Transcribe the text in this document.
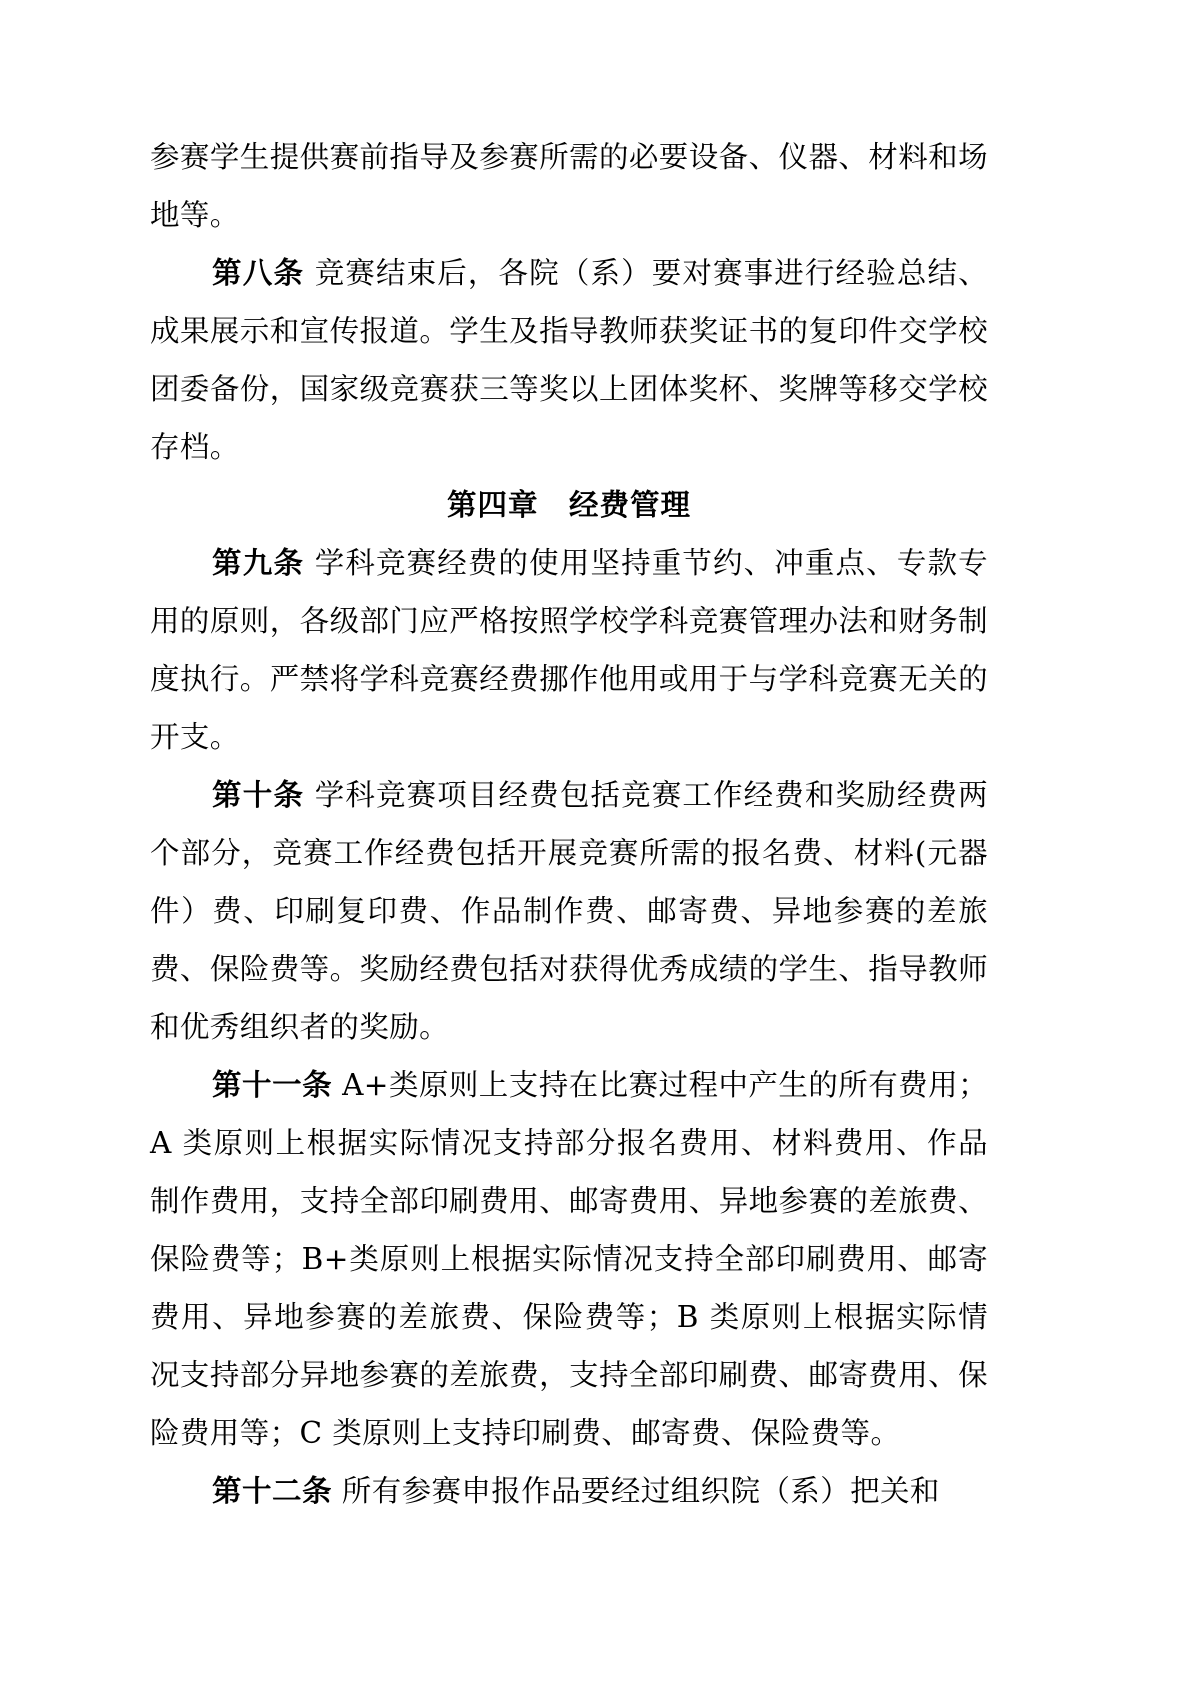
参赛学生提供赛前指导及参赛所需的必要设备、仪器、材料和场地等。

第八条 竞赛结束后，各院（系）要对赛事进行经验总结、成果展示和宣传报道。学生及指导教师获奖证书的复印件交学校团委备份，国家级竞赛获三等奖以上团体奖杯、奖牌等移交学校存档。

第四章　经费管理

第九条 学科竞赛经费的使用坚持重节约、冲重点、专款专用的原则，各级部门应严格按照学校学科竞赛管理办法和财务制度执行。严禁将学科竞赛经费挪作他用或用于与学科竞赛无关的开支。

第十条 学科竞赛项目经费包括竞赛工作经费和奖励经费两个部分，竞赛工作经费包括开展竞赛所需的报名费、材料(元器件）费、印刷复印费、作品制作费、邮寄费、异地参赛的差旅费、保险费等。奖励经费包括对获得优秀成绩的学生、指导教师和优秀组织者的奖励。

第十一条 A+类原则上支持在比赛过程中产生的所有费用；A 类原则上根据实际情况支持部分报名费用、材料费用、作品制作费用，支持全部印刷费用、邮寄费用、异地参赛的差旅费、保险费等；B+类原则上根据实际情况支持全部印刷费用、邮寄费用、异地参赛的差旅费、保险费等；B 类原则上根据实际情况支持部分异地参赛的差旅费，支持全部印刷费、邮寄费用、保险费用等；C 类原则上支持印刷费、邮寄费、保险费等。

第十二条 所有参赛申报作品要经过组织院（系）把关和
